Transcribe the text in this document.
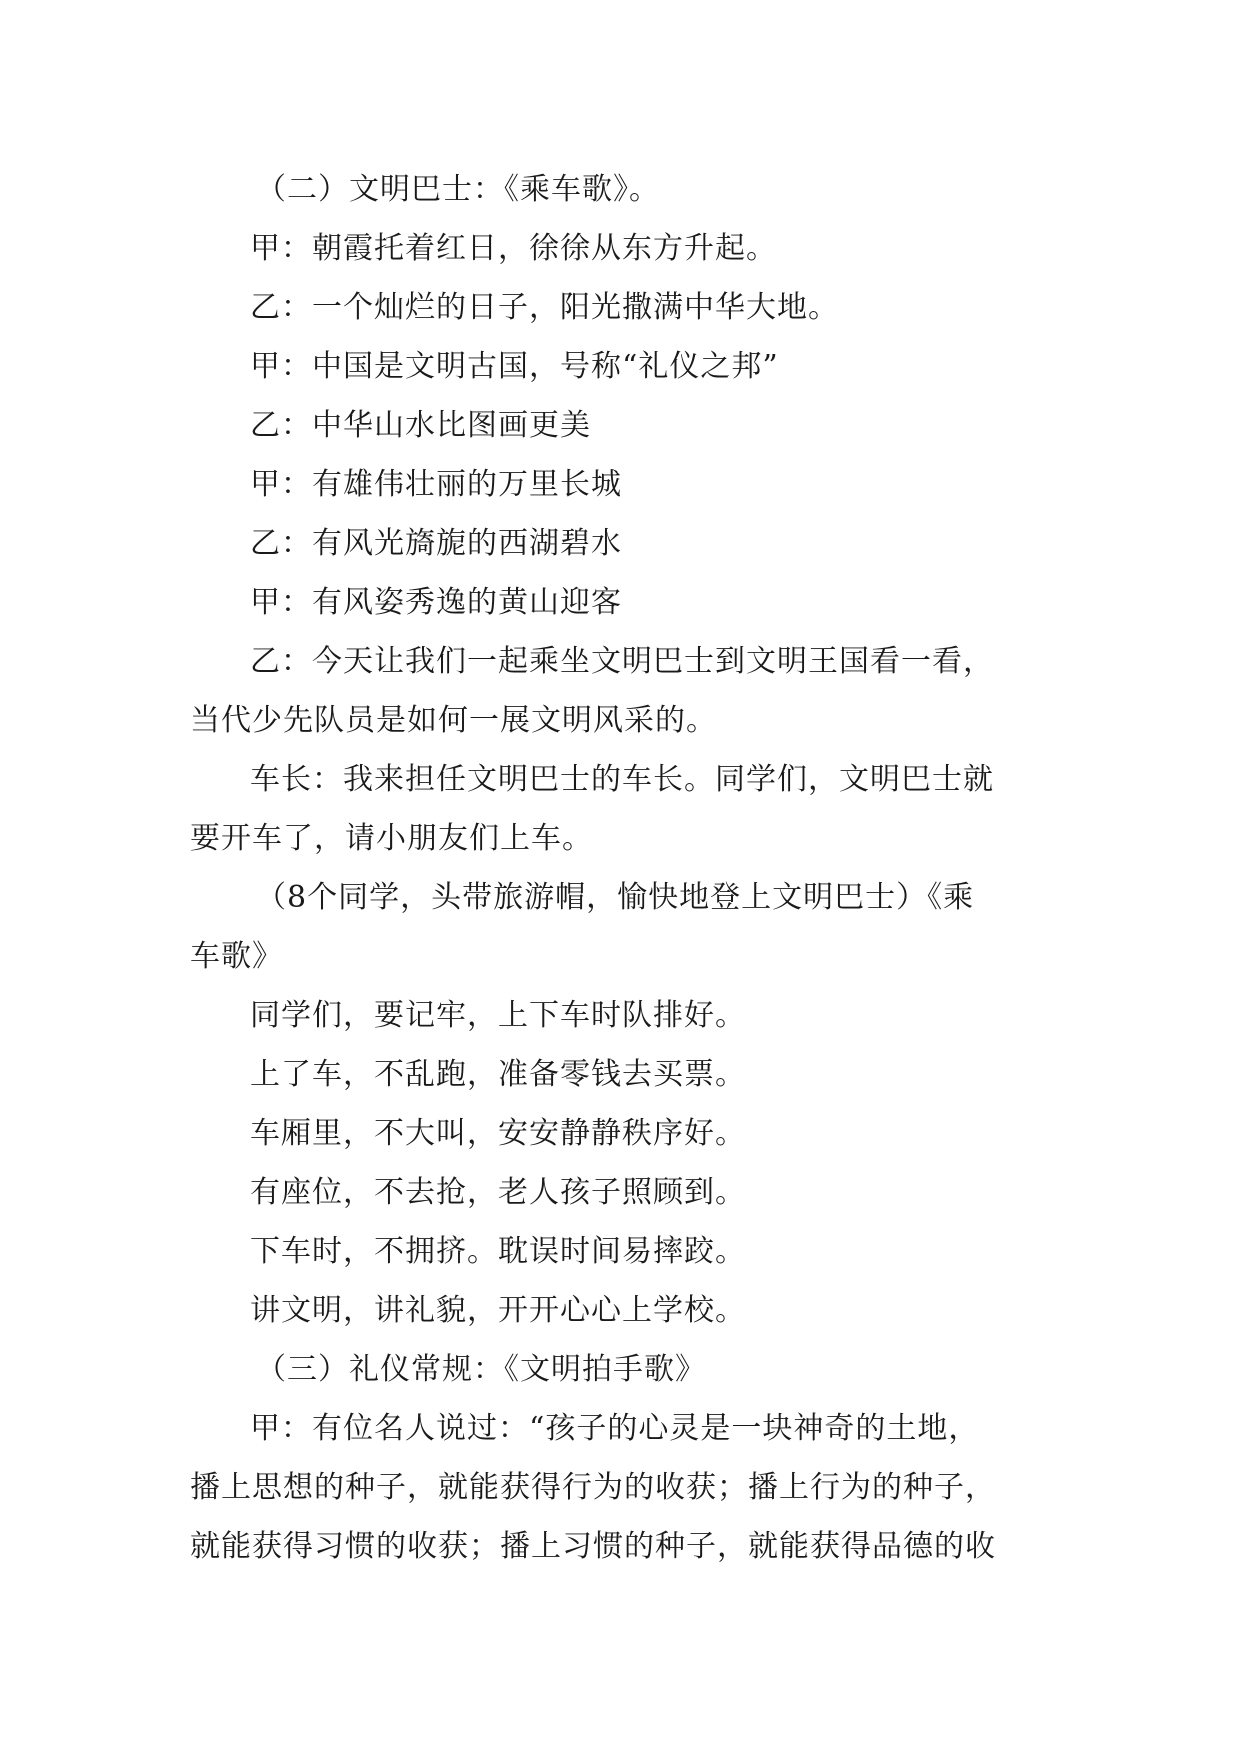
（二）文明巴士：《乘车歌》。
甲：朝霞托着红日，徐徐从东方升起。
乙：一个灿烂的日子，阳光撒满中华大地。
甲：中国是文明古国，号称“礼仪之邦”
乙：中华山水比图画更美
甲：有雄伟壮丽的万里长城
乙：有风光旖旎的西湖碧水
甲：有风姿秀逸的黄山迎客
乙：今天让我们一起乘坐文明巴士到文明王国看一看，
当代少先队员是如何一展文明风采的。
车长：我来担任文明巴士的车长。同学们，文明巴士就
要开车了，请小朋友们上车。
（8个同学，头带旅游帽，愉快地登上文明巴士）《乘
车歌》
同学们，要记牢，上下车时队排好。
上了车，不乱跑，准备零钱去买票。
车厢里，不大叫，安安静静秩序好。
有座位，不去抢，老人孩子照顾到。
下车时，不拥挤。耽误时间易摔跤。
讲文明，讲礼貌，开开心心上学校。
（三）礼仪常规：《文明拍手歌》
甲：有位名人说过：“孩子的心灵是一块神奇的土地，
播上思想的种子，就能获得行为的收获；播上行为的种子，
就能获得习惯的收获；播上习惯的种子，就能获得品德的收
